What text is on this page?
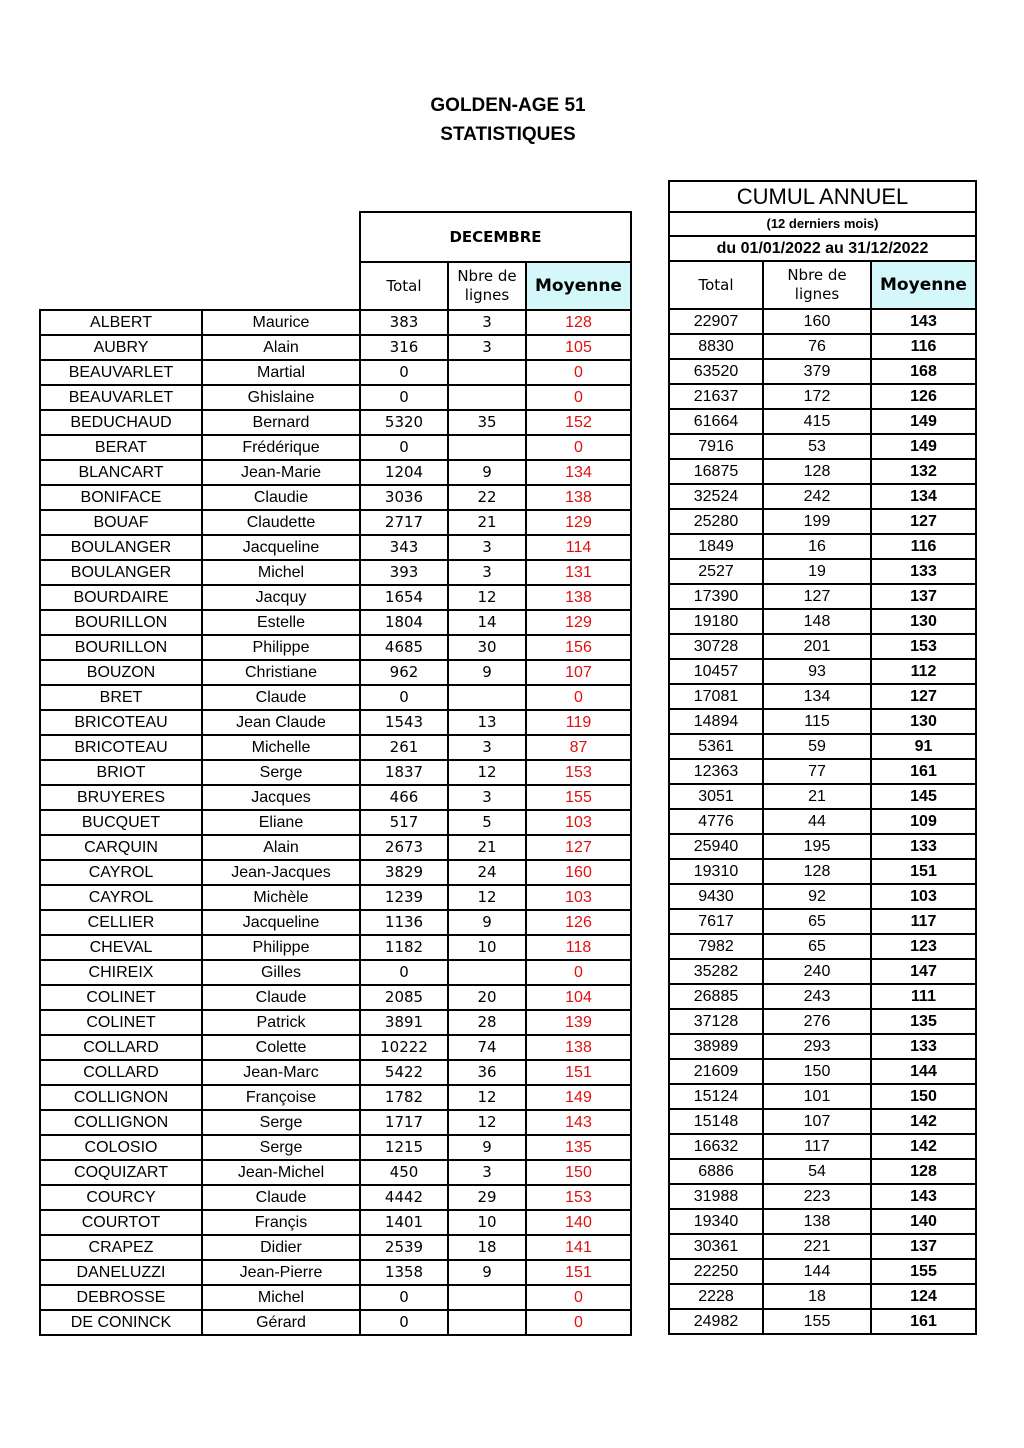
GOLDEN-AGE 51
STATISTIQUES
		DECEMBRE		
		Total	Nbre de
lignes	Moyenne
ALBERT	Maurice	383	3	128
AUBRY	Alain	316	3	105
BEAUVARLET	Martial	0		0
BEAUVARLET	Ghislaine	0		0
BEDUCHAUD	Bernard	5320	35	152
BERAT	Frédérique	0		0
BLANCART	Jean-Marie	1204	9	134
BONIFACE	Claudie	3036	22	138
BOUAF	Claudette	2717	21	129
BOULANGER	Jacqueline	343	3	114
BOULANGER	Michel	393	3	131
BOURDAIRE	Jacquy	1654	12	138
BOURILLON	Estelle	1804	14	129
BOURILLON	Philippe	4685	30	156
BOUZON	Christiane	962	9	107
BRET	Claude	0		0
BRICOTEAU	Jean Claude	1543	13	119
BRICOTEAU	Michelle	261	3	87
BRIOT	Serge	1837	12	153
BRUYERES	Jacques	466	3	155
BUCQUET	Eliane	517	5	103
CARQUIN	Alain	2673	21	127
CAYROL	Jean-Jacques	3829	24	160
CAYROL	Michèle	1239	12	103
CELLIER	Jacqueline	1136	9	126
CHEVAL	Philippe	1182	10	118
CHIREIX	Gilles	0		0
COLINET	Claude	2085	20	104
COLINET	Patrick	3891	28	139
COLLARD	Colette	10222	74	138
COLLARD	Jean-Marc	5422	36	151
COLLIGNON	Françoise	1782	12	149
COLLIGNON	Serge	1717	12	143
COLOSIO	Serge	1215	9	135
COQUIZART	Jean-Michel	450	3	150
COURCY	Claude	4442	29	153
COURTOT	Françis	1401	10	140
CRAPEZ	Didier	2539	18	141
DANELUZZI	Jean-Pierre	1358	9	151
DEBROSSE	Michel	0		0
DE CONINCK	Gérard	0		0
CUMUL ANNUEL		
(12 derniers mois)		
du 01/01/2022 au 31/12/2022		
Total	Nbre de
lignes	Moyenne
22907	160	143
8830	76	116
63520	379	168
21637	172	126
61664	415	149
7916	53	149
16875	128	132
32524	242	134
25280	199	127
1849	16	116
2527	19	133
17390	127	137
19180	148	130
30728	201	153
10457	93	112
17081	134	127
14894	115	130
5361	59	91
12363	77	161
3051	21	145
4776	44	109
25940	195	133
19310	128	151
9430	92	103
7617	65	117
7982	65	123
35282	240	147
26885	243	111
37128	276	135
38989	293	133
21609	150	144
15124	101	150
15148	107	142
16632	117	142
6886	54	128
31988	223	143
19340	138	140
30361	221	137
22250	144	155
2228	18	124
24982	155	161
